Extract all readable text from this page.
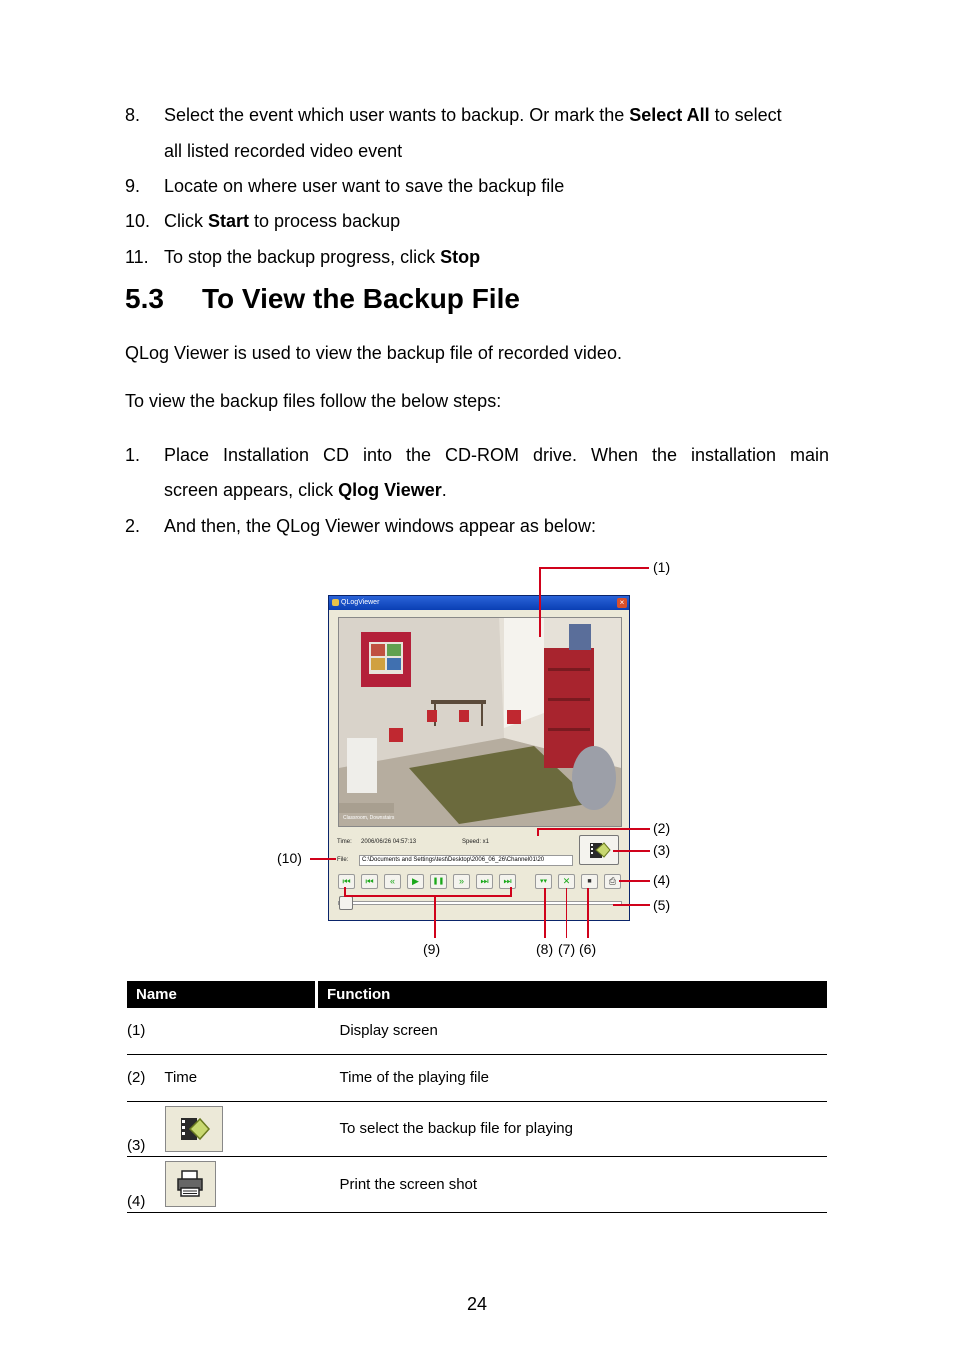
8. Select the event which user wants to backup. Or mark the Select All to select
all listed recorded video event
9. Locate on where user want to save the backup file
10. Click Start to process backup
11. To stop the backup progress, click Stop
5.3 To View the Backup File
QLog Viewer is used to view the backup file of recorded video.
To view the backup files follow the below steps:
1. Place Installation CD into the CD-ROM drive. When the installation main
screen appears, click Qlog Viewer.
2. And then, the QLog Viewer windows appear as below:
QLogViewer	×
Classroom, Downstairs
Time: 2006/06/26 04:57:13	Speed: x1
File:	C:\Documents and Settings\test\Desktop\2006_06_26\Channel01\20
⏮	⏮	«	▶	❚❚	»	⏭	⏭	▾▾	✕	■	⎙
(1)
(2)
(3)
(4)
(5)
(6)
(7)
(8)
(9)
(10)
Name	Function
(1)	Display screen
(2) Time	Time of the playing file
(3)	To select the backup file for playing
(4)	Print the screen shot
24
